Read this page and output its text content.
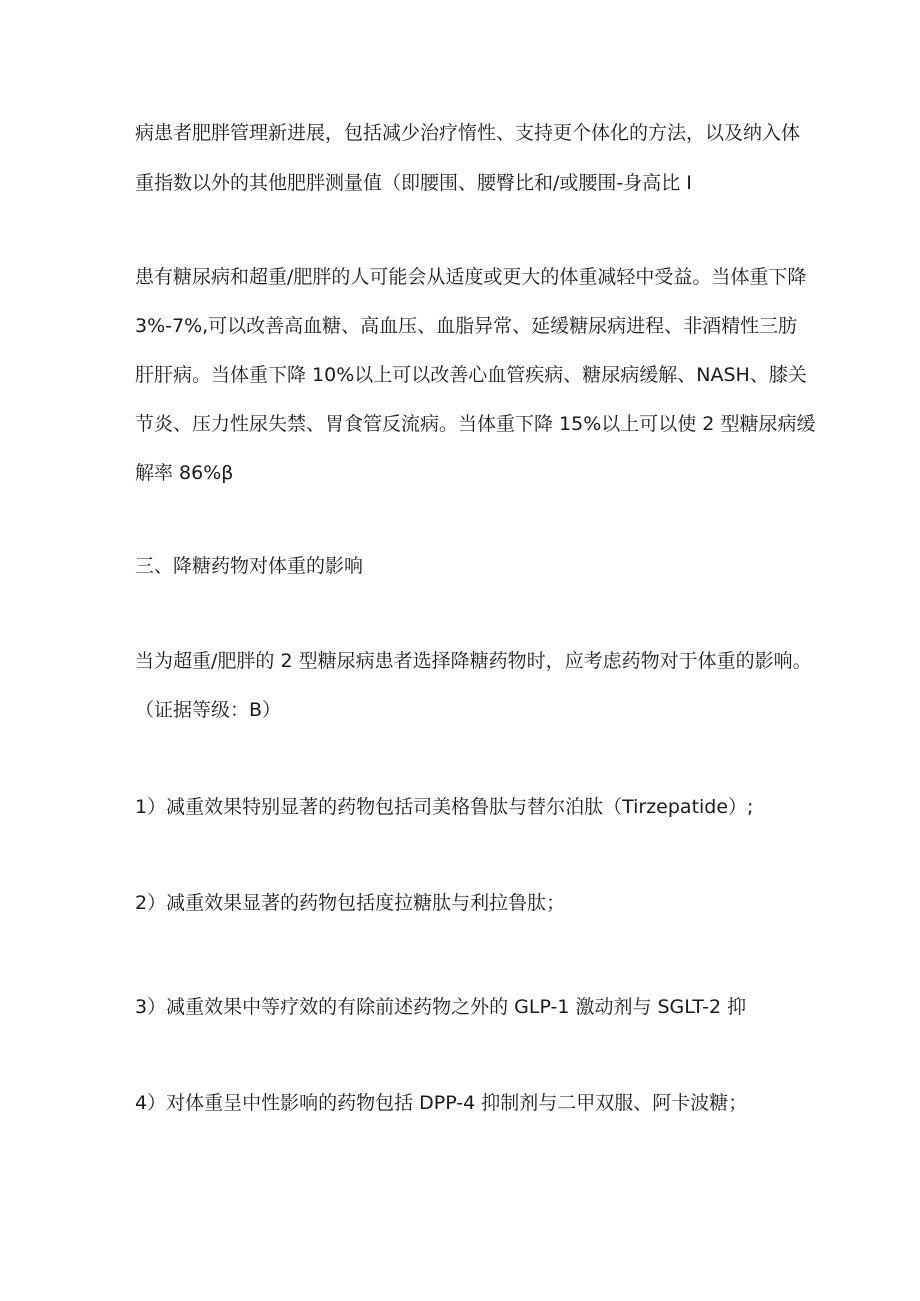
病患者肥胖管理新进展，包括减少治疗惰性、支持更个体化的方法，以及纳入体
重指数以外的其他肥胖测量值（即腰围、腰臀比和/或腰围-身高比 I
患有糖尿病和超重/肥胖的人可能会从适度或更大的体重减轻中受益。当体重下降
3%-7%,可以改善高血糖、高血压、血脂异常、延缓糖尿病进程、非酒精性三肪
肝肝病。当体重下降 10%以上可以改善心血管疾病、糖尿病缓解、NASH、膝关
节炎、压力性尿失禁、胃食管反流病。当体重下降 15%以上可以使 2 型糖尿病缓
解率 86%β
三、降糖药物对体重的影响
当为超重/肥胖的 2 型糖尿病患者选择降糖药物时，应考虑药物对于体重的影响。
（证据等级：B）
1）减重效果特别显著的药物包括司美格鲁肽与替尔泊肽（Tirzepatide）;
2）减重效果显著的药物包括度拉糖肽与利拉鲁肽；
3）减重效果中等疗效的有除前述药物之外的 GLP-1 激动剂与 SGLT-2 抑
4）对体重呈中性影响的药物包括 DPP-4 抑制剂与二甲双服、阿卡波糖；
